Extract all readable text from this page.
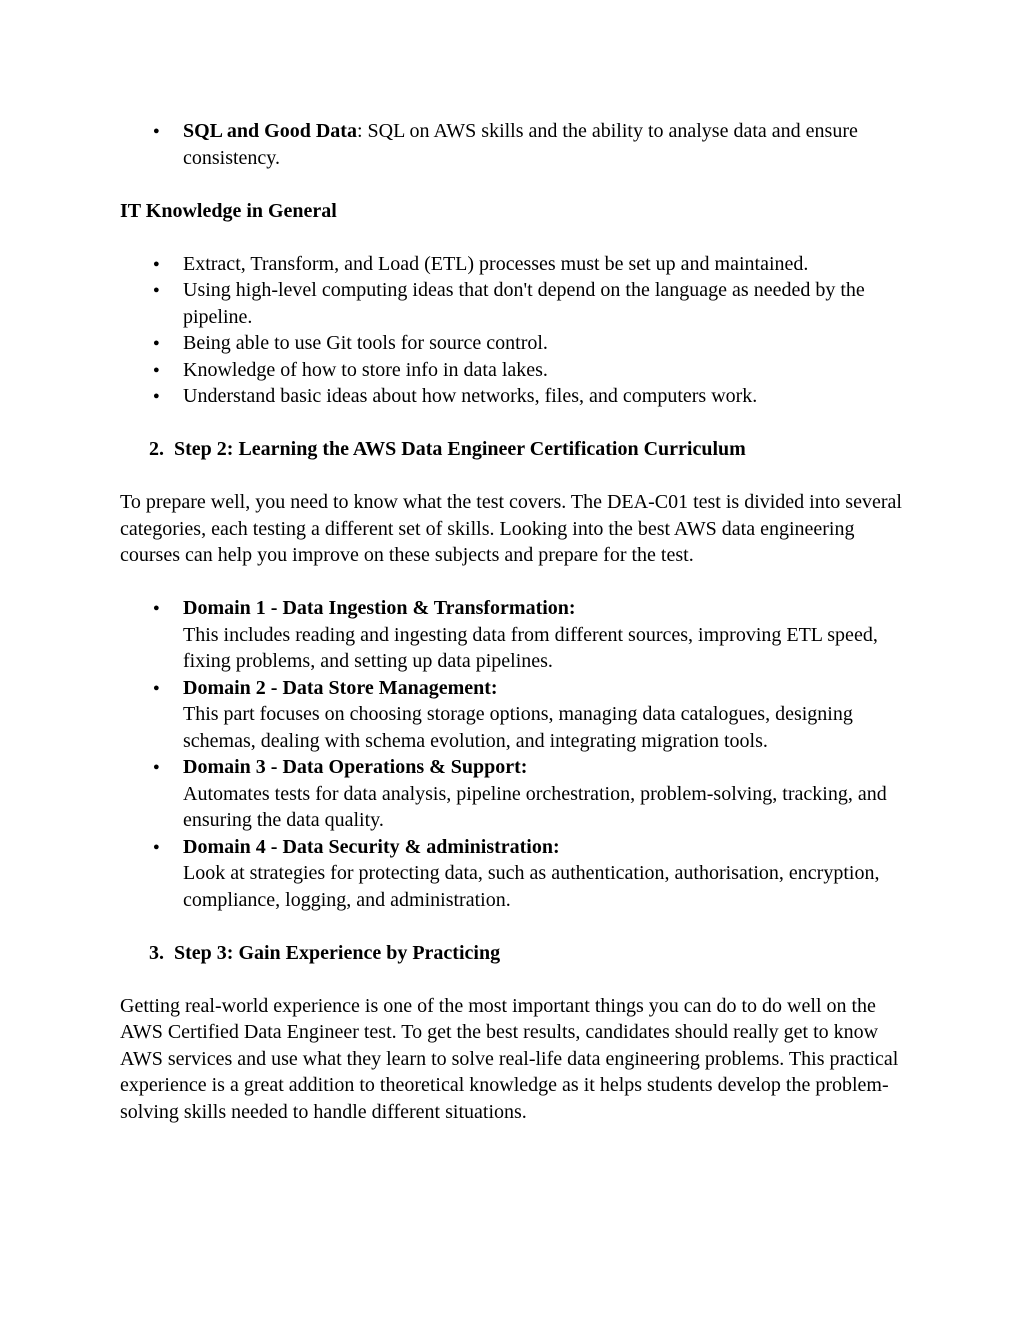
● SQL and Good Data: SQL on AWS skills and the ability to analyse data and ensure consistency.

IT Knowledge in General

● Extract, Transform, and Load (ETL) processes must be set up and maintained.
● Using high-level computing ideas that don't depend on the language as needed by the pipeline.
● Being able to use Git tools for source control.
● Knowledge of how to store info in data lakes.
● Understand basic ideas about how networks, files, and computers work.
2. Step 2: Learning the AWS Data Engineer Certification Curriculum

To prepare well, you need to know what the test covers. The DEA-C01 test is divided into several categories, each testing a different set of skills. Looking into the best AWS data engineering courses can help you improve on these subjects and prepare for the test.

● Domain 1 - Data Ingestion & Transformation:
This includes reading and ingesting data from different sources, improving ETL speed, fixing problems, and setting up data pipelines.
● Domain 2 - Data Store Management:
This part focuses on choosing storage options, managing data catalogues, designing schemas, dealing with schema evolution, and integrating migration tools.
● Domain 3 - Data Operations & Support:
Automates tests for data analysis, pipeline orchestration, problem-solving, tracking, and ensuring the data quality.
● Domain 4 - Data Security & administration:
Look at strategies for protecting data, such as authentication, authorisation, encryption, compliance, logging, and administration.
3. Step 3: Gain Experience by Practicing

Getting real-world experience is one of the most important things you can do to do well on the AWS Certified Data Engineer test. To get the best results, candidates should really get to know AWS services and use what they learn to solve real-life data engineering problems. This practical experience is a great addition to theoretical knowledge as it helps students develop the problem-solving skills needed to handle different situations.
